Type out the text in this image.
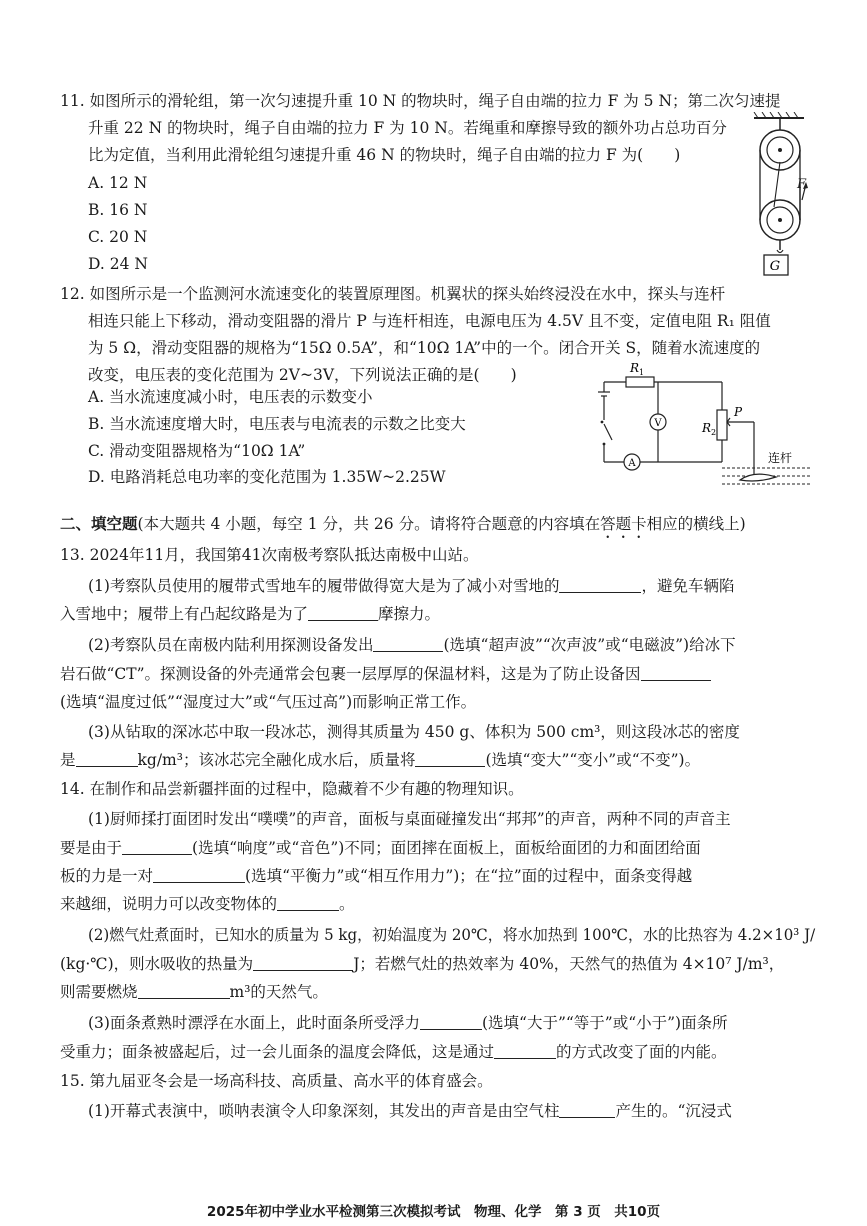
11. 如图所示的滑轮组，第一次匀速提升重 10 N 的物块时，绳子自由端的拉力 F 为 5 N；第二次匀速提
升重 22 N 的物块时，绳子自由端的拉力 F 为 10 N。若绳重和摩擦导致的额外功占总功百分
比为定值，当利用此滑轮组匀速提升重 46 N 的物块时，绳子自由端的拉力 F 为(　　)
A. 12 N
B. 16 N
C. 20 N
D. 24 N	G
F
12. 如图所示是一个监测河水流速变化的装置原理图。机翼状的探头始终浸没在水中，探头与连杆
相连只能上下移动，滑动变阻器的滑片 P 与连杆相连，电源电压为 4.5V 且不变，定值电阻 R₁ 阻值
为 5 Ω，滑动变阻器的规格为“15Ω 0.5A”，和“10Ω 1A”中的一个。闭合开关 S，随着水流速度的
改变，电压表的变化范围为 2V~3V，下列说法正确的是(　　)
A. 当水流速度减小时，电压表的示数变小
B. 当水流速度增大时，电压表与电流表的示数之比变大
C. 滑动变阻器规格为“10Ω 1A”
D. 电路消耗总电功率的变化范围为 1.35W~2.25W
V
A
R 1
R 2
P
连杆
二、填空题(本大题共 4 小题，每空 1 分，共 26 分。请将符合题意的内容填在答题卡相应的横线上)
13. 2024年11月，我国第41次南极考察队抵达南极中山站。
(1)考察队员使用的履带式雪地车的履带做得宽大是为了减小对雪地的	，避免车辆陷
入雪地中；履带上有凸起纹路是为了	摩擦力。
(2)考察队员在南极内陆利用探测设备发出	(选填“超声波”“次声波”或“电磁波”)给冰下
岩石做“CT”。探测设备的外壳通常会包裹一层厚厚的保温材料，这是为了防止设备因
(选填“温度过低”“湿度过大”或“气压过高”)而影响正常工作。
(3)从钻取的深冰芯中取一段冰芯，测得其质量为 450 g、体积为 500 cm³，则这段冰芯的密度
是	kg/m³；该冰芯完全融化成水后，质量将	(选填“变大”“变小”或“不变”)。
14. 在制作和品尝新疆拌面的过程中，隐藏着不少有趣的物理知识。
(1)厨师揉打面团时发出“噗噗”的声音，面板与桌面碰撞发出“邦邦”的声音，两种不同的声音主
要是由于	(选填“响度”或“音色”)不同；面团摔在面板上，面板给面团的力和面团给面
板的力是一对	(选填“平衡力”或“相互作用力”)；在“拉”面的过程中，面条变得越
来越细，说明力可以改变物体的	。
(2)燃气灶煮面时，已知水的质量为 5 kg，初始温度为 20℃，将水加热到 100℃，水的比热容为 4.2×10³ J/
(kg·℃)，则水吸收的热量为	J；若燃气灶的热效率为 40%，天然气的热值为 4×10⁷ J/m³，
则需要燃烧	m³的天然气。
(3)面条煮熟时漂浮在水面上，此时面条所受浮力	(选填“大于”“等于”或“小于”)面条所
受重力；面条被盛起后，过一会儿面条的温度会降低，这是通过	的方式改变了面的内能。
15. 第九届亚冬会是一场高科技、高质量、高水平的体育盛会。
(1)开幕式表演中，唢呐表演令人印象深刻，其发出的声音是由空气柱	产生的。“沉浸式
2025年初中学业水平检测第三次模拟考试　物理、化学　第 3 页　共10页
